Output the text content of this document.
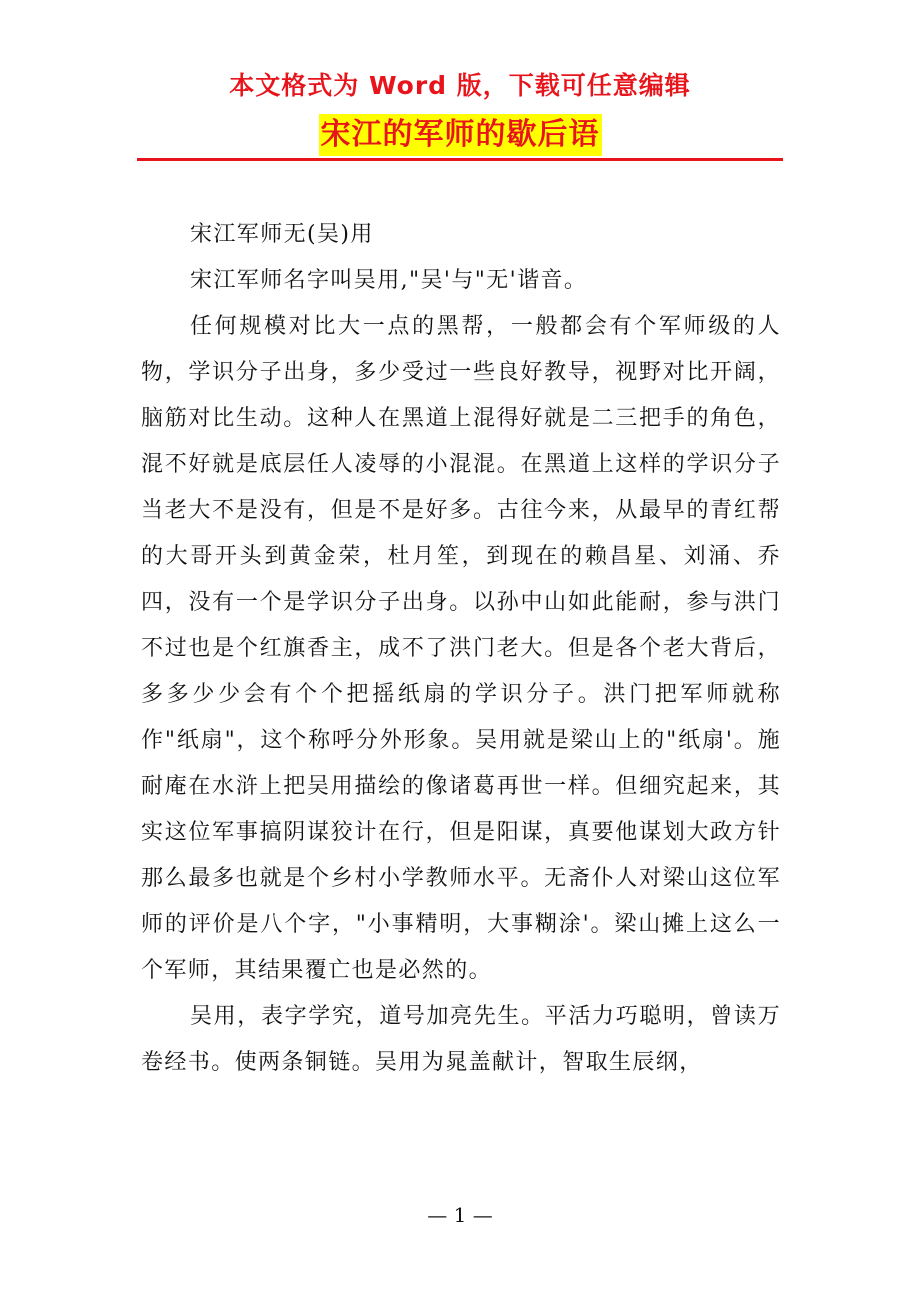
本文格式为 Word 版，下载可任意编辑
宋江的军师的歇后语

宋江军师无(吴)用

宋江军师名字叫吴用,"吴'与"无'谐音。

任何规模对比大一点的黑帮，一般都会有个军师级的人物，学识分子出身，多少受过一些良好教导，视野对比开阔，脑筋对比生动。这种人在黑道上混得好就是二三把手的角色，混不好就是底层任人凌辱的小混混。在黑道上这样的学识分子当老大不是没有，但是不是好多。古往今来，从最早的青红帮的大哥开头到黄金荣，杜月笙，到现在的赖昌星、刘涌、乔四，没有一个是学识分子出身。以孙中山如此能耐，参与洪门不过也是个红旗香主，成不了洪门老大。但是各个老大背后，多多少少会有个个把摇纸扇的学识分子。洪门把军师就称作"纸扇"，这个称呼分外形象。吴用就是梁山上的"纸扇'。施耐庵在水浒上把吴用描绘的像诸葛再世一样。但细究起来，其实这位军事搞阴谋狡计在行，但是阳谋，真要他谋划大政方针那么最多也就是个乡村小学教师水平。无斋仆人对梁山这位军师的评价是八个字，"小事精明，大事糊涂'。梁山摊上这么一个军师，其结果覆亡也是必然的。

吴用，表字学究，道号加亮先生。平活力巧聪明，曾读万卷经书。使两条铜链。吴用为晁盖献计，智取生辰纲，

— 1 —
